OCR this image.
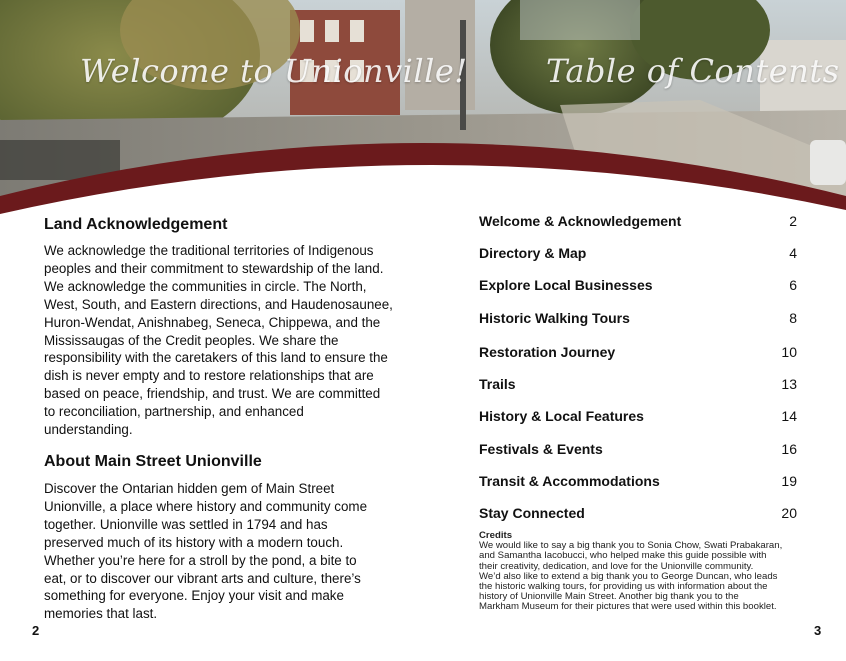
Welcome to Unionville! Table of Contents
Land Acknowledgement

We acknowledge the traditional territories of Indigenous

peoples and their commitment to stewardship of the land.

We acknowledge the communities in circle. The North,

West, South, and Eastern directions, and Haudenosaunee,

Huron-Wendat, Anishnabeg, Seneca, Chippewa, and the

Mississaugas of the Credit peoples. We share the

responsibility with the caretakers of this land to ensure the

dish is never empty and to restore relationships that are

based on peace, friendship, and trust. We are committed

to reconciliation, partnership, and enhanced

understanding.

About Main Street Unionville

Discover the Ontarian hidden gem of Main Street

Unionville, a place where history and community come

together. Unionville was settled in 1794 and has

preserved much of its history with a modern touch.

Whether you’re here for a stroll by the pond, a bite to

eat, or to discover our vibrant arts and culture, there’s

something for everyone. Enjoy your visit and make

memories that last.

2
Welcome & Acknowledgement	2
Directory & Map	4
Explore Local Businesses	6
Historic Walking Tours	8
Restoration Journey	10
Trails	13
History & Local Features	14
Festivals & Events	16
Transit & Accommodations	19
Stay Connected	20
Credits
We would like to say a big thank you to Sonia Chow, Swati Prabakaran,
and Samantha Iacobucci, who helped make this guide possible with
their creativity, dedication, and love for the Unionville community.
We’d also like to extend a big thank you to George Duncan, who leads
the historic walking tours, for providing us with information about the
history of Unionville Main Street. Another big thank you to the
Markham Museum for their pictures that were used within this booklet.
3
